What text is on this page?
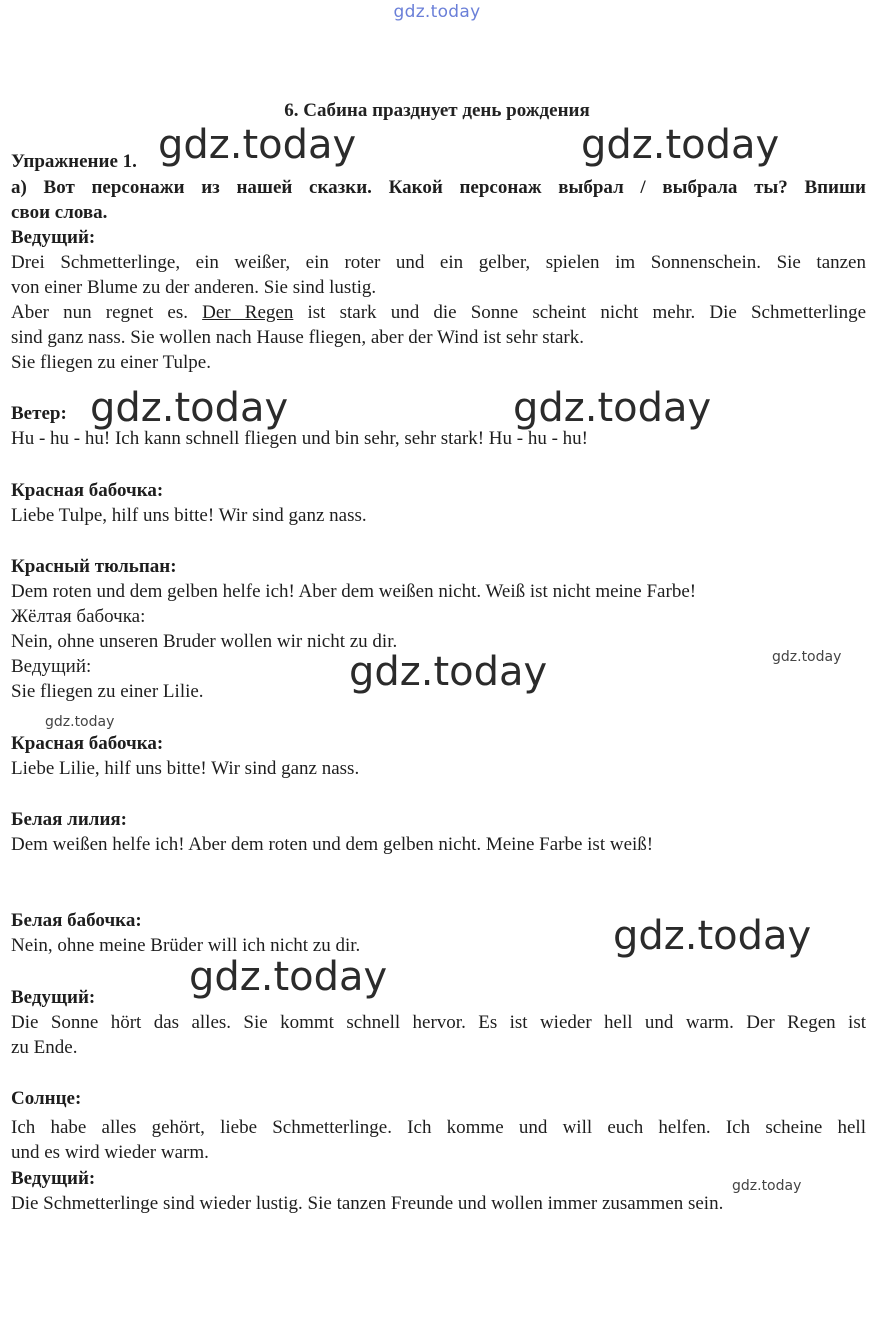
gdz.today
6. Сабина празднует день рождения
Упражнение 1.
а) Вот персонажи из нашей сказки. Какой персонаж выбрал / выбрала ты? Впиши
свои слова.
Ведущий:
Drei Schmetterlinge, ein weißer, ein roter und ein gelber, spielen im Sonnenschein. Sie tanzen
von einer Blume zu der anderen. Sie sind lustig.
Aber nun regnet es. Der Regen ist stark und die Sonne scheint nicht mehr. Die Schmetterlinge
sind ganz nass. Sie wollen nach Hause fliegen, aber der Wind ist sehr stark.
Sie fliegen zu einer Tulpe.
Ветер:
Hu - hu - hu! Ich kann schnell fliegen und bin sehr, sehr stark! Hu - hu - hu!
Красная бабочка:
Liebe Tulpe, hilf uns bitte! Wir sind ganz nass.
Красный тюльпан:
Dem roten und dem gelben helfe ich! Aber dem weißen nicht. Weiß ist nicht meine Farbe!
Жёлтая бабочка:
Nein, ohne unseren Bruder wollen wir nicht zu dir.
Ведущий:
Sie fliegen zu einer Lilie.
Красная бабочка:
Liebe Lilie, hilf uns bitte! Wir sind ganz nass.
Белая лилия:
Dem weißen helfe ich! Aber dem roten und dem gelben nicht. Meine Farbe ist weiß!
Белая бабочка:
Nein, ohne meine Brüder will ich nicht zu dir.
Ведущий:
Die Sonne hört das alles. Sie kommt schnell hervor. Es ist wieder hell und warm. Der Regen ist
zu Ende.
Солнце:
Ich habe alles gehört, liebe Schmetterlinge. Ich komme und will euch helfen. Ich scheine hell
und es wird wieder warm.
Ведущий:
Die Schmetterlinge sind wieder lustig. Sie tanzen Freunde und wollen immer zusammen sein.
gdz.today	gdz.today
gdz.today	gdz.today
gdz.today	gdz.today
gdz.today
gdz.today
gdz.today
gdz.today
